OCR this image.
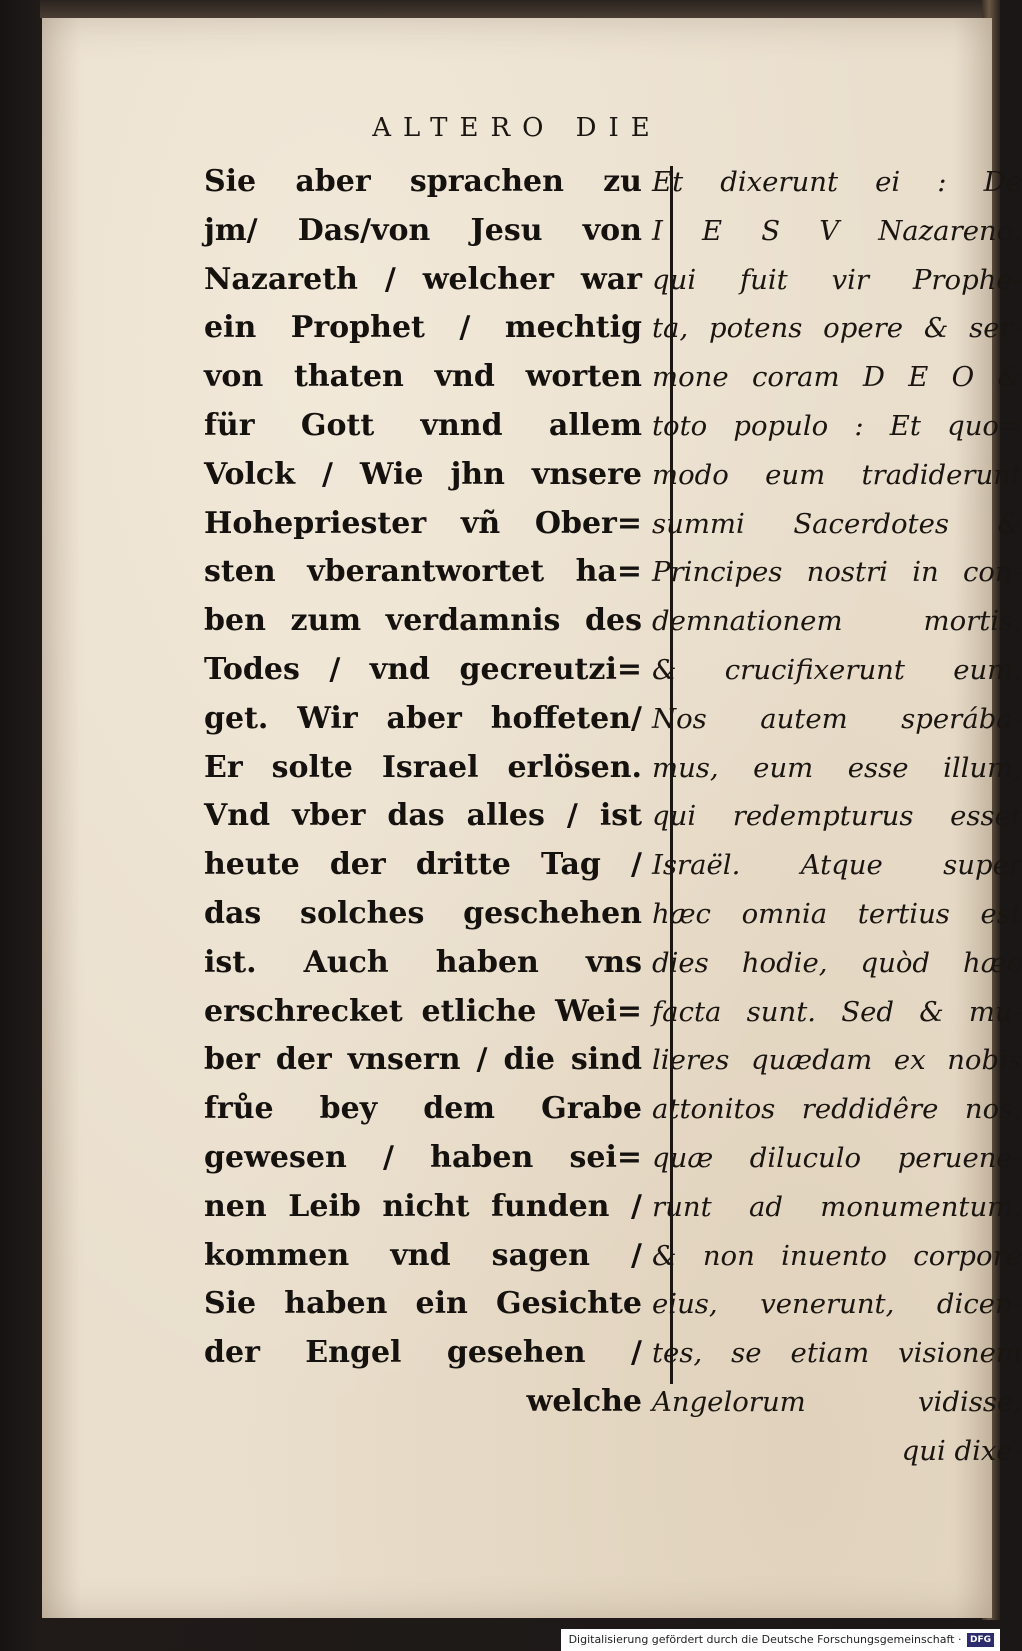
ALTERO DIE
Sie aber sprachen zu
jm/ Das/von Jesu von
Nazareth / welcher war
ein Prophet / mechtig
von thaten vnd worten
für Gott vnnd allem
Volck / Wie jhn vnsere
Hohepriester vñ Ober=
sten vberantwortet ha=
ben zum verdamnis des
Todes / vnd gecreutzi=
get. Wir aber hoffeten/
Er solte Israel erlösen.
Vnd vber das alles / ist
heute der dritte Tag /
das solches geschehen
ist. Auch haben vns
erschrecket etliche Wei=
ber der vnsern / die sind
frůe bey dem Grabe
gewesen / haben sei=
nen Leib nicht funden /
kommen vnd sagen /
Sie haben ein Gesichte
der Engel gesehen /
welche
Et dixerunt ei : De
I E S V Nazareno,
qui fuit vir Prophe-
ta, potens opere & ser-
mone coram D E O &
toto populo : Et quo=
modo eum tradiderunt
summi Sacerdotes &
Principes nostri in con-
demnationem mortis,
& crucifixerunt eum.
Nos autem sperába-
mus, eum esse illum,
qui redempturus esset
Israël. Atque super
hæc omnia tertius est
dies hodie, quòd hæc
facta sunt. Sed & mu-
lieres quædam ex nobis
attonitos reddidêre nos,
quæ diluculo peruene-
runt ad monumentum,
& non inuento corpore
eius, venerunt, dicen-
tes, se etiam visionem
Angelorum vidisse,
qui dixe-
Digitalisierung gefördert durch die Deutsche Forschungsgemeinschaft · DFG
